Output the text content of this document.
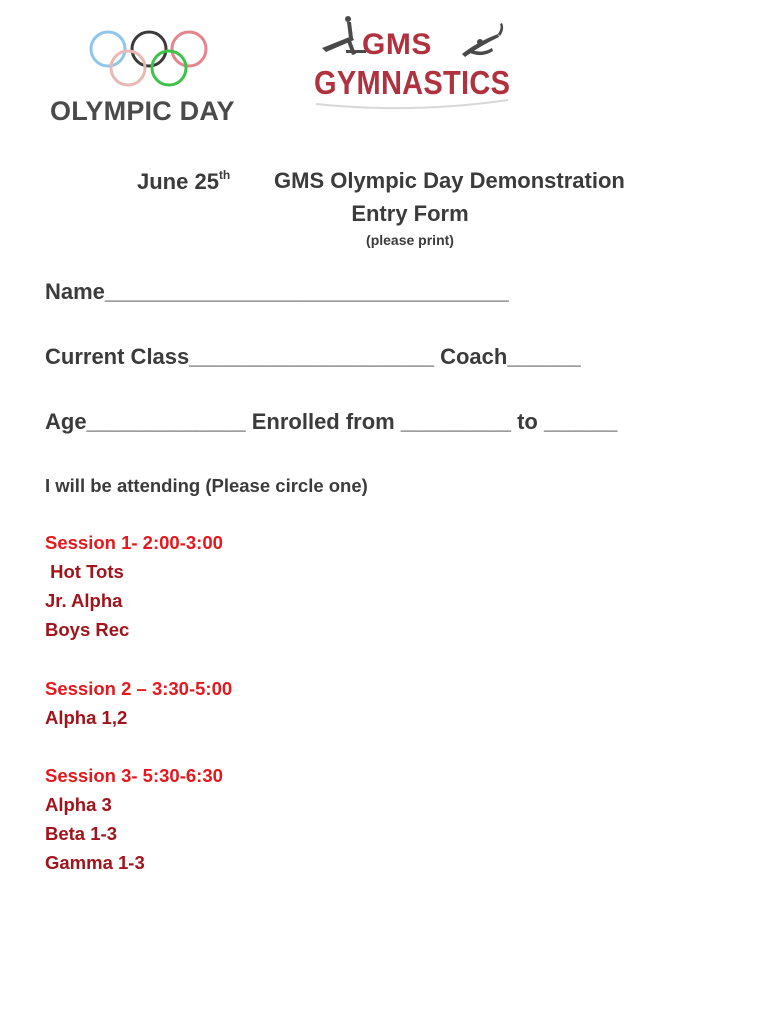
OLYMPIC DAY
GMS
GYMNASTICS
June 25th GMS Olympic Day Demonstration
Entry Form
(please print)
Name_________________________________
Current Class____________________ Coach______
Age_____________ Enrolled from _________ to ______
I will be attending (Please circle one)
Session 1- 2:00-3:00
Hot Tots
Jr. Alpha
Boys Rec
Session 2 – 3:30-5:00
Alpha 1,2
Session 3- 5:30-6:30
Alpha 3
Beta 1-3
Gamma 1-3
